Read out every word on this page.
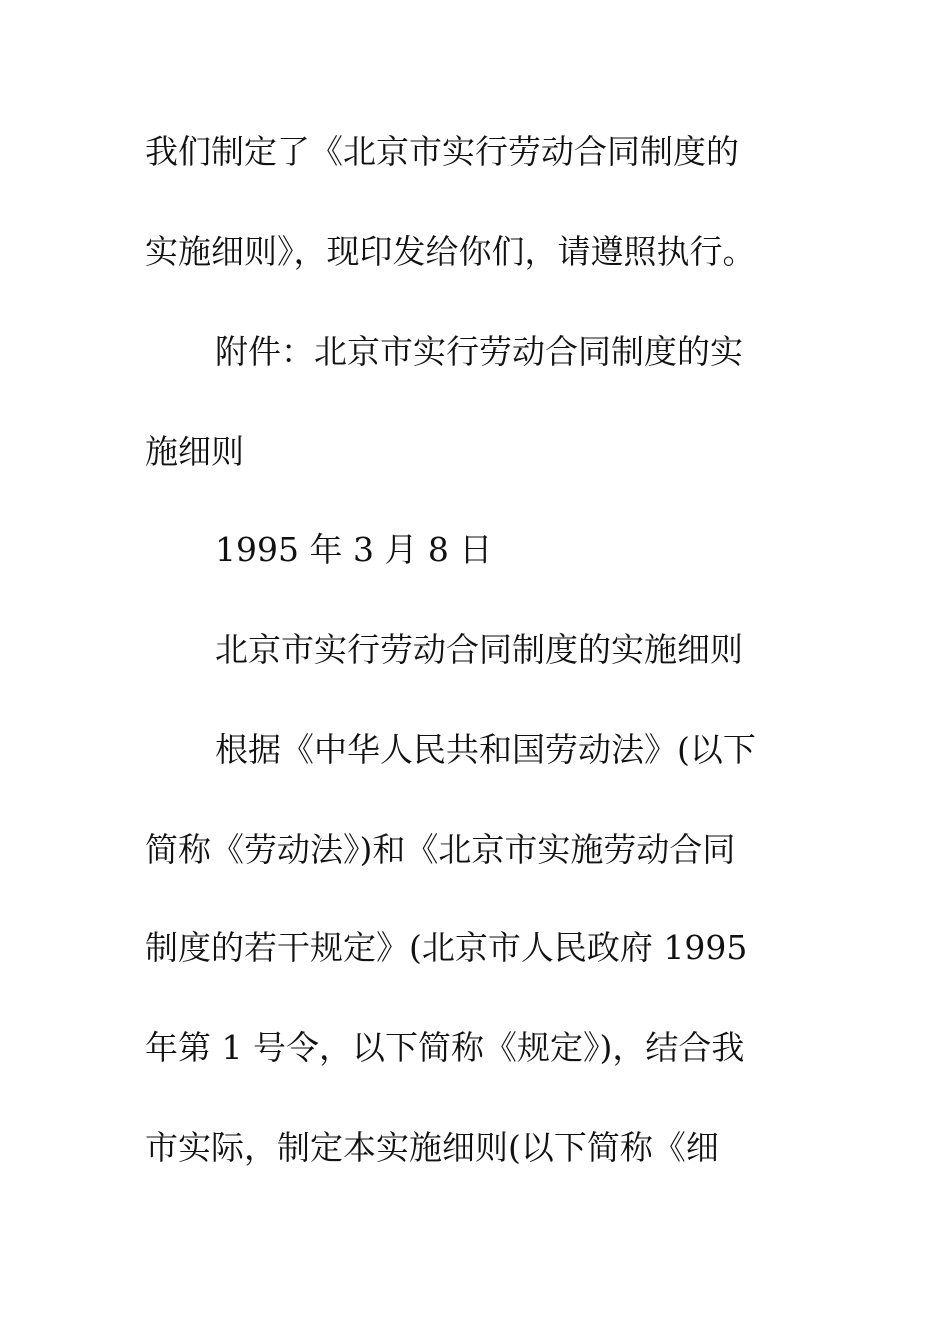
我们制定了《北京市实行劳动合同制度的
实施细则》，现印发给你们，请遵照执行。
附件：北京市实行劳动合同制度的实
施细则
1995 年 3 月 8 日
北京市实行劳动合同制度的实施细则
根据《中华人民共和国劳动法》(以下
简称《劳动法》)和《北京市实施劳动合同
制度的若干规定》(北京市人民政府 1995
年第 1 号令，以下简称《规定》)，结合我
市实际，制定本实施细则(以下简称《细
